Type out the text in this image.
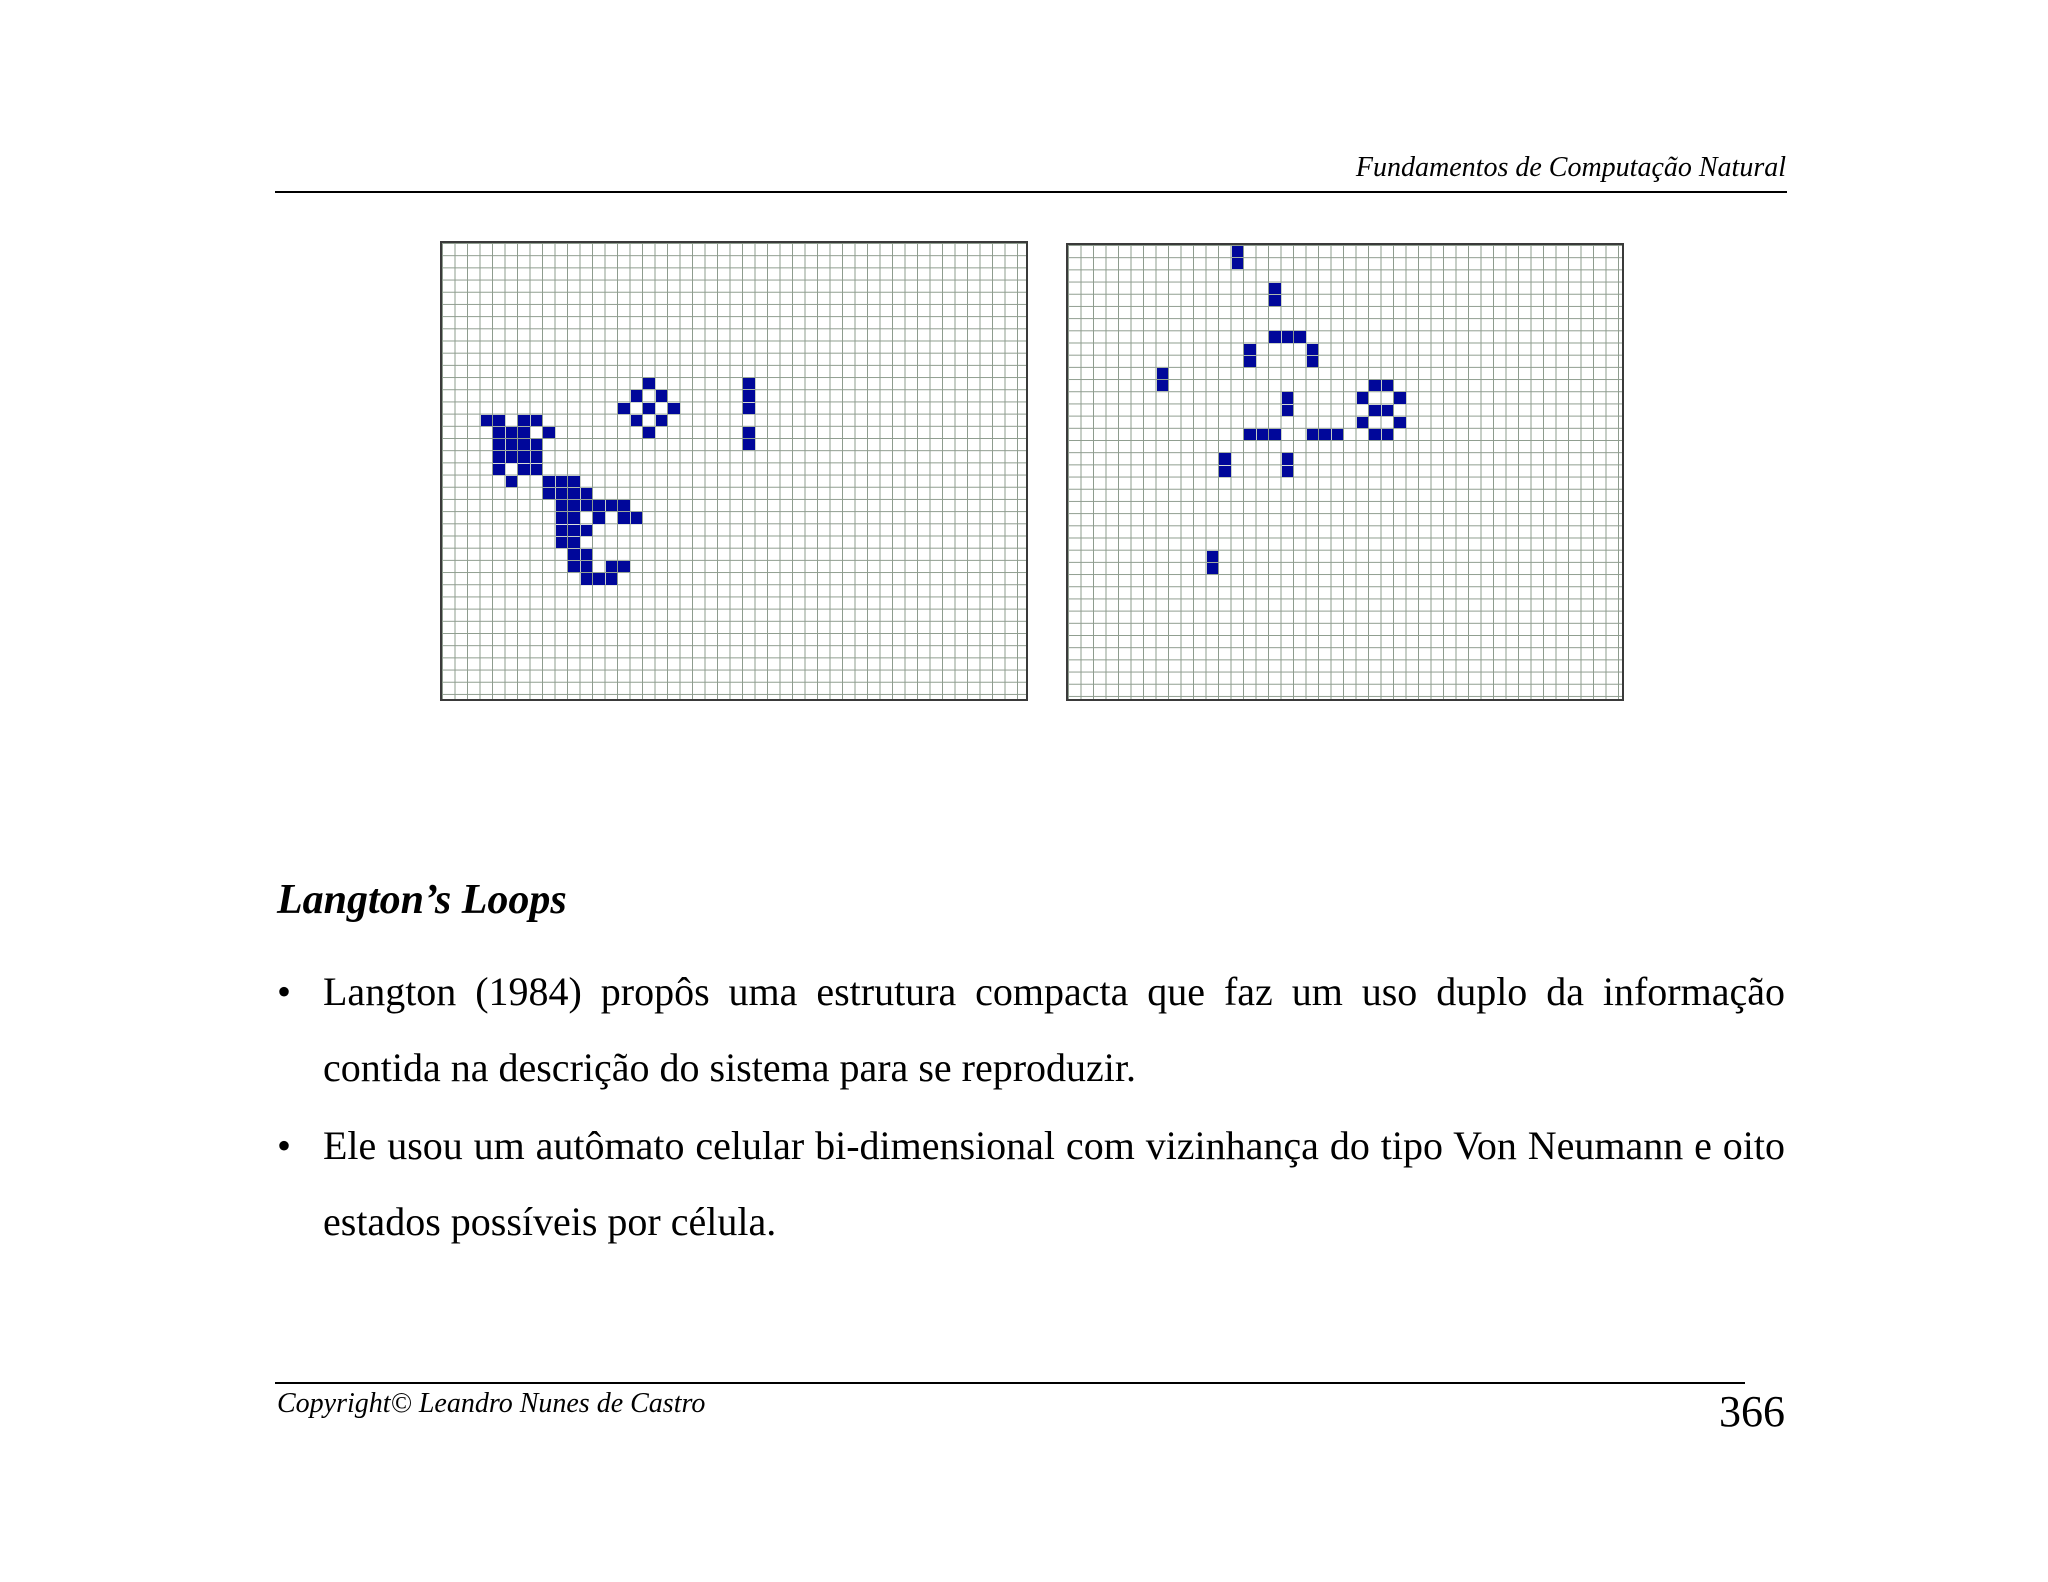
Fundamentos de Computação Natural
Langton’s Loops
• Langton (1984) propôs uma estrutura compacta que faz um uso duplo da informação contida na descrição do sistema para se reproduzir.
• Ele usou um autômato celular bi-dimensional com vizinhança do tipo Von Neumann e oito estados possíveis por célula.
Copyright© Leandro Nunes de Castro	366
